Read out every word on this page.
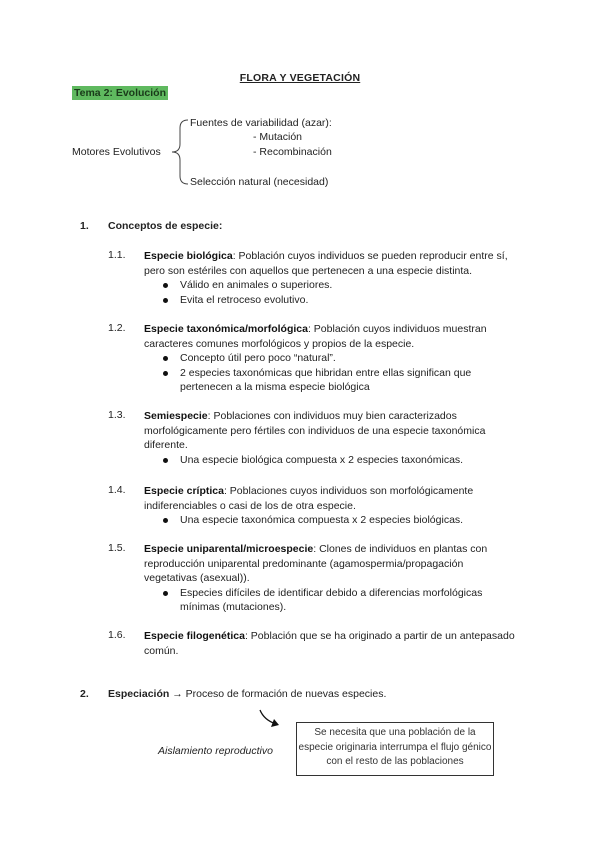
FLORA Y VEGETACIÓN
Tema 2: Evolución
Motores Evolutivos
Fuentes de variabilidad (azar):
- Mutación
- Recombinación
Selección natural (necesidad)
1. Conceptos de especie:
1.1. Especie biológica: Población cuyos individuos se pueden reproducir entre sí, pero son estériles con aquellos que pertenecen a una especie distinta.
Válido en animales o superiores.
Evita el retroceso evolutivo.
1.2. Especie taxonómica/morfológica: Población cuyos individuos muestran caracteres comunes morfológicos y propios de la especie.
Concepto útil pero poco “natural”.
2 especies taxonómicas que hibridan entre ellas significan que pertenecen a la misma especie biológica
1.3. Semiespecie: Poblaciones con individuos muy bien caracterizados morfológicamente pero fértiles con individuos de una especie taxonómica diferente.
Una especie biológica compuesta x 2 especies taxonómicas.
1.4. Especie críptica: Poblaciones cuyos individuos son morfológicamente indiferenciables o casi de los de otra especie.
Una especie taxonómica compuesta x 2 especies biológicas.
1.5. Especie uniparental/microespecie: Clones de individuos en plantas con reproducción uniparental predominante (agamospermia/propagación vegetativas (asexual)).
Especies difíciles de identificar debido a diferencias morfológicas mínimas (mutaciones).
1.6. Especie filogenética: Población que se ha originado a partir de un antepasado común.
2. Especiación → Proceso de formación de nuevas especies.
Aislamiento reproductivo
Se necesita que una población de la especie originaria interrumpa el flujo génico con el resto de las poblaciones
